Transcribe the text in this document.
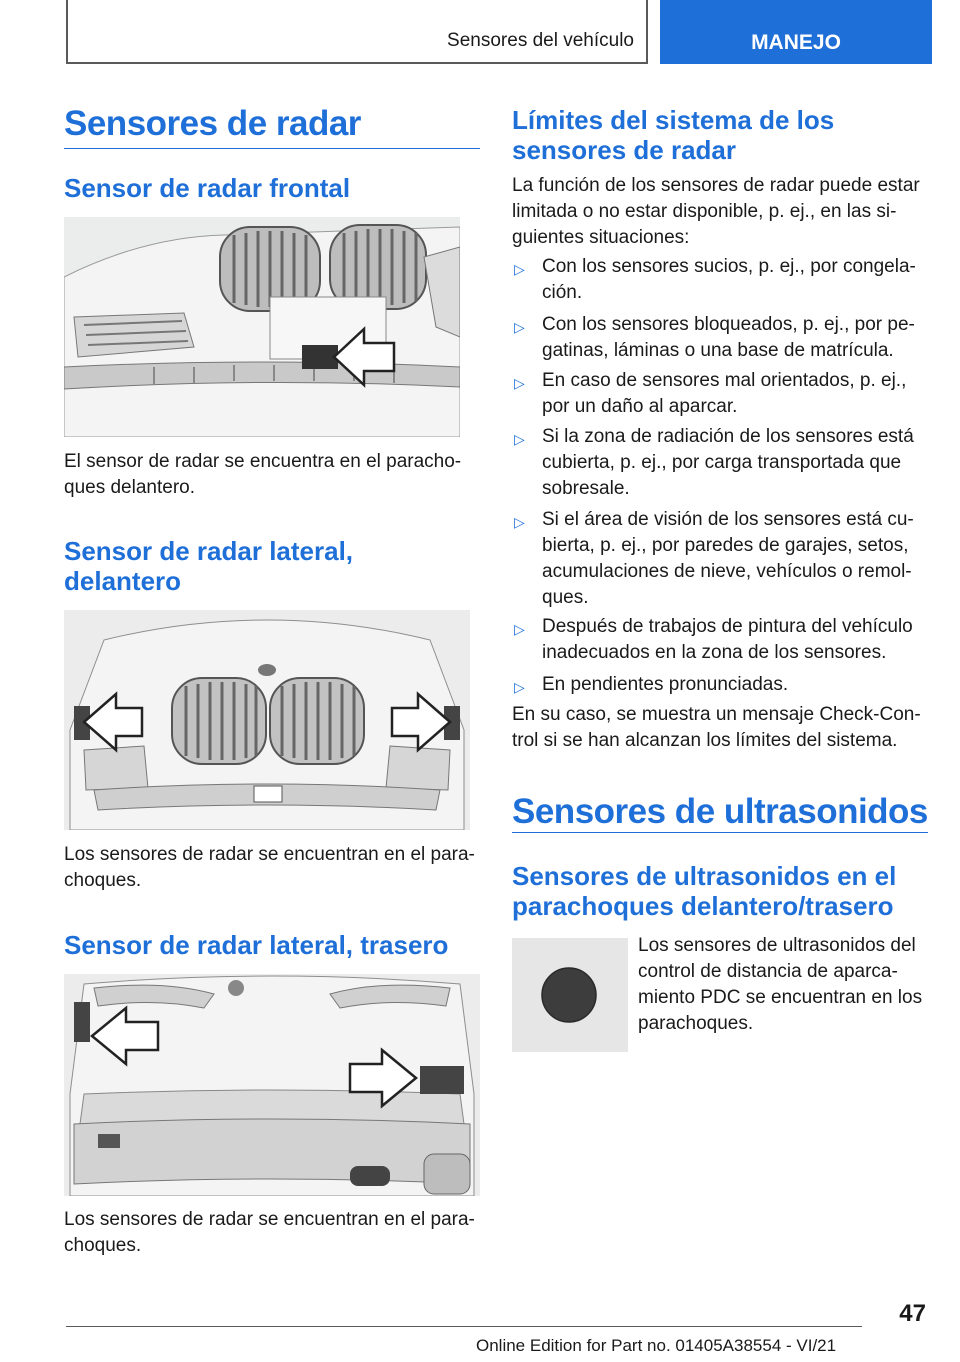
Sensores del vehículo	MANEJO
Sensores de radar
Sensor de radar frontal
El sensor de radar se encuentra en el paracho-
ques delantero.
Sensor de radar lateral,
delantero
Los sensores de radar se encuentran en el para-
choques.
Sensor de radar lateral, trasero
Los sensores de radar se encuentran en el para-
choques.
Límites del sistema de los
sensores de radar
La función de los sensores de radar puede estar
limitada o no estar disponible, p. ej., en las si-
guientes situaciones:
▷ Con los sensores sucios, p. ej., por congela-
ción.
▷ Con los sensores bloqueados, p. ej., por pe-
gatinas, láminas o una base de matrícula.
▷ En caso de sensores mal orientados, p. ej.,
por un daño al aparcar.
▷ Si la zona de radiación de los sensores está
cubierta, p. ej., por carga transportada que
sobresale.
▷ Si el área de visión de los sensores está cu-
bierta, p. ej., por paredes de garajes, setos,
acumulaciones de nieve, vehículos o remol-
ques.
▷ Después de trabajos de pintura del vehículo
inadecuados en la zona de los sensores.
▷ En pendientes pronunciadas.
En su caso, se muestra un mensaje Check-Con-
trol si se han alcanzan los límites del sistema.
Sensores de ultrasonidos
Sensores de ultrasonidos en el
parachoques delantero/trasero
Los sensores de ultrasonidos del
control de distancia de aparca-
miento PDC se encuentran en los
parachoques.
47
Online Edition for Part no. 01405A38554 - VI/21
